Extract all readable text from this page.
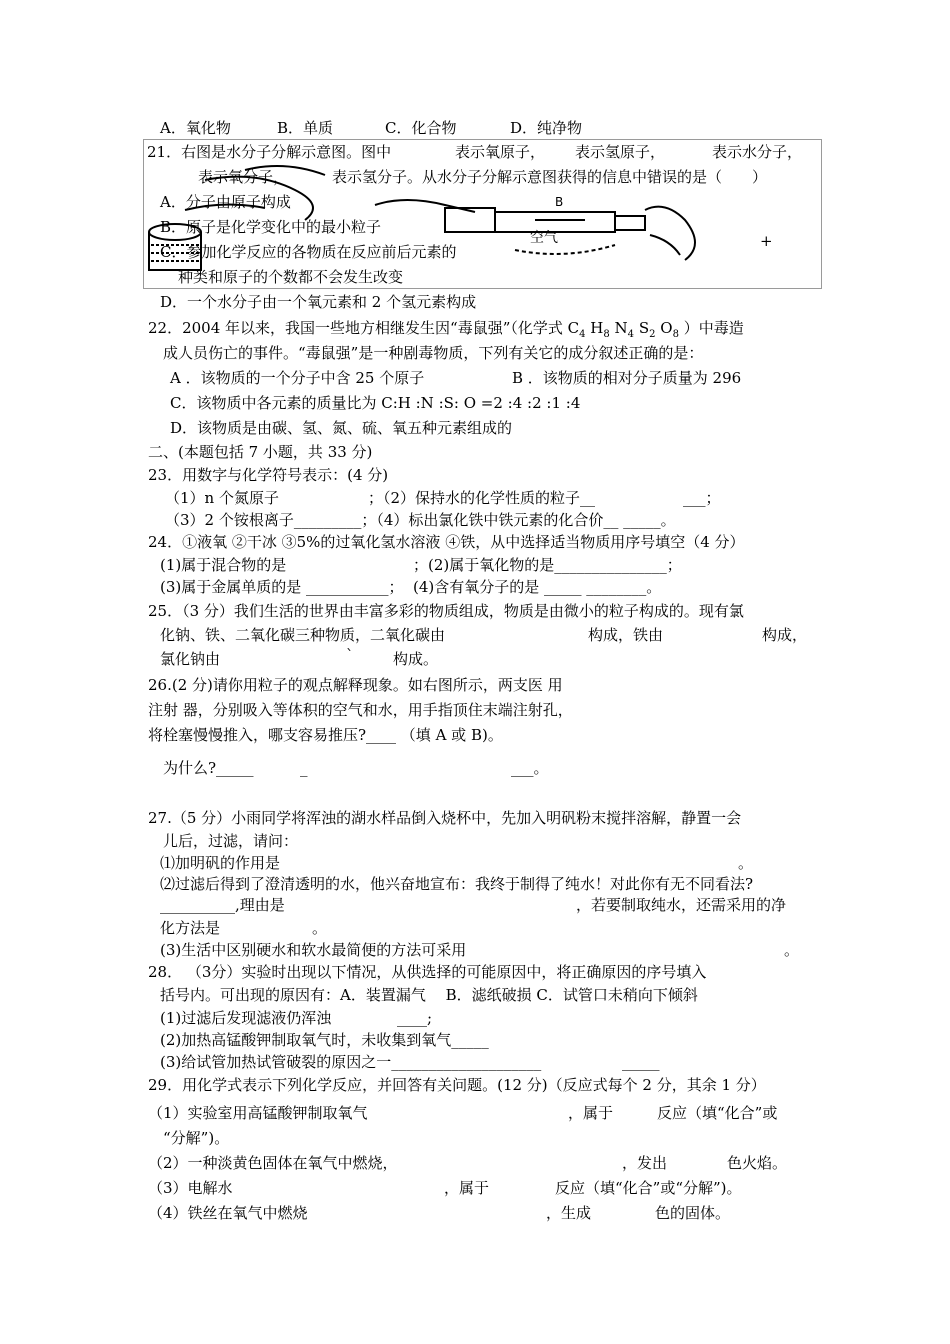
A．氧化物	B．单质	C．化合物	D．纯净物
B
空气
21．右图是水分子分解示意图。图中	表示氧原子， 表示氢原子，	表示水分子，
表示氧分子，	表示氢分子。从水分子分解示意图获得的信息中错误的是（　　）
A．分子由原子构成
B．原子是化学变化中的最小粒子
C．参加化学反应的各物质在反应前后元素的
种类和原子的个数都不会发生改变
+
D．一个水分子由一个氧元素和 2 个氢元素构成
22．2004 年以来，我国一些地方相继发生因“毒鼠强”（化学式 $C_4$ $H_8$ $N_4$ $S_2$ $O_8$ ）中毒造
成人员伤亡的事件。“毒鼠强”是一种剧毒物质，下列有关它的成分叙述正确的是：
A ．该物质的一个分子中含 25 个原子	B ．该物质的相对分子质量为 296
C．该物质中各元素的质量比为 C:H :N :S: O =2 :4 :2 :1 :4
D．该物质是由碳、氢、氮、硫、氧五种元素组成的
二、(本题包括 7 小题，共 33 分)
23．用数字与化学符号表示：(4 分)
（1）n 个氮原子	；（2）保持水的化学性质的粒子__	___；
（3）2 个铵根离子_________；（4）标出氯化铁中铁元素的化合价__ _____。
24．①液氧 ②干冰 ③5%的过氧化氢水溶液 ④铁，从中选择适当物质用序号填空（4 分）
(1)属于混合物的是	；(2)属于氧化物的是_______________；
(3)属于金属单质的是 ___________； (4)含有氧分子的是 _____ ________。
25．（3 分）我们生活的世界由丰富多彩的物质组成，物质是由微小的粒子构成的。现有氯
化钠、铁、二氧化碳三种物质，二氧化碳由	构成，铁由	构成，
氯化钠由	`	构成。
26.(2 分)请你用粒子的观点解释现象。如右图所示，两支医 用
注射 器，分别吸入等体积的空气和水，用手指顶住末端注射孔，
将栓塞慢慢推入，哪支容易推压?____ （填 A 或 B)。
为什么?_____	_	___。
27.（5 分）小雨同学将浑浊的湖水样品倒入烧杯中，先加入明矾粉末搅拌溶解，静置一会
儿后，过滤，请问：
⑴加明矾的作用是	。
⑵过滤后得到了澄清透明的水，他兴奋地宣布：我终于制得了纯水！对此你有无不同看法?
__________,理由是	，若要制取纯水，还需采用的净
化方法是	。
(3)生活中区别硬水和软水最简便的方法可采用	。
28． （3分）实验时出现以下情况，从供选择的可能原因中，将正确原因的序号填入
括号内。可出现的原因有：A．装置漏气　 B．滤纸破损 C．试管口未稍向下倾斜
(1)过滤后发现滤液仍浑浊	____;
(2)加热高锰酸钾制取氧气时，未收集到氧气_____
(3)给试管加热试管破裂的原因之一____________________	_____
29．用化学式表示下列化学反应，并回答有关问题。(12 分)（反应式每个 2 分，其余 1 分）
（1）实验室用高锰酸钾制取氧气	，属于	反应（填“化合”或
“分解”)。
（2）一种淡黄色固体在氧气中燃烧，	，发出	色火焰。
（3）电解水	，属于	反应（填“化合”或“分解”)。
（4）铁丝在氧气中燃烧	，生成	色的固体。
